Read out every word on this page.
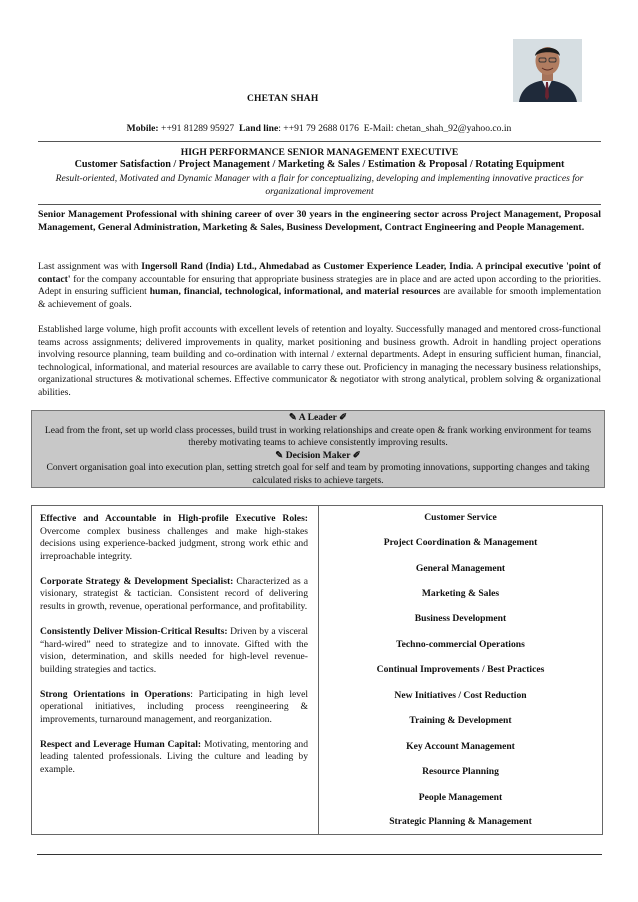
CHETAN SHAH
Mobile: ++91 81289 95927 Land line: ++91 79 2688 0176 E-Mail: chetan_shah_92@yahoo.co.in
HIGH PERFORMANCE SENIOR MANAGEMENT EXECUTIVE
Customer Satisfaction / Project Management / Marketing & Sales / Estimation & Proposal / Rotating Equipment
Result-oriented, Motivated and Dynamic Manager with a flair for conceptualizing, developing and implementing innovative practices for organizational improvement
Senior Management Professional with shining career of over 30 years in the engineering sector across Project Management, Proposal Management, General Administration, Marketing & Sales, Business Development, Contract Engineering and People Management.
Last assignment was with Ingersoll Rand (India) Ltd., Ahmedabad as Customer Experience Leader, India. A principal executive 'point of contact' for the company accountable for ensuring that appropriate business strategies are in place and are acted upon according to the priorities. Adept in ensuring sufficient human, financial, technological, informational, and material resources are available for smooth implementation & achievement of goals.
Established large volume, high profit accounts with excellent levels of retention and loyalty. Successfully managed and mentored cross-functional teams across assignments; delivered improvements in quality, market positioning and business growth. Adroit in handling project operations involving resource planning, team building and co-ordination with internal / external departments. Adept in ensuring sufficient human, financial, technological, informational, and material resources are available to carry these out. Proficiency in managing the necessary business relationships, organizational structures & motivational schemes. Effective communicator & negotiator with strong analytical, problem solving & organizational abilities.
✎ A Leader ✐
Lead from the front, set up world class processes, build trust in working relationships and create open & frank working environment for teams thereby motivating teams to achieve consistently improving results.
✎ Decision Maker ✐
Convert organisation goal into execution plan, setting stretch goal for self and team by promoting innovations, supporting changes and taking calculated risks to achieve targets.
Effective and Accountable in High-profile Executive Roles: Overcome complex business challenges and make high-stakes decisions using experience-backed judgment, strong work ethic and irreproachable integrity.
Corporate Strategy & Development Specialist: Characterized as a visionary, strategist & tactician. Consistent record of delivering results in growth, revenue, operational performance, and profitability.
Consistently Deliver Mission-Critical Results: Driven by a visceral “hard-wired” need to strategize and to innovate. Gifted with the vision, determination, and skills needed for high-level revenue-building strategies and tactics.
Strong Orientations in Operations: Participating in high level operational initiatives, including process reengineering & improvements, turnaround management, and reorganization.
Respect and Leverage Human Capital: Motivating, mentoring and leading talented professionals. Living the culture and leading by example.
Customer Service
Project Coordination & Management
General Management
Marketing & Sales
Business Development
Techno-commercial Operations
Continual Improvements / Best Practices
New Initiatives / Cost Reduction
Training & Development
Key Account Management
Resource Planning
People Management
Strategic Planning & Management
